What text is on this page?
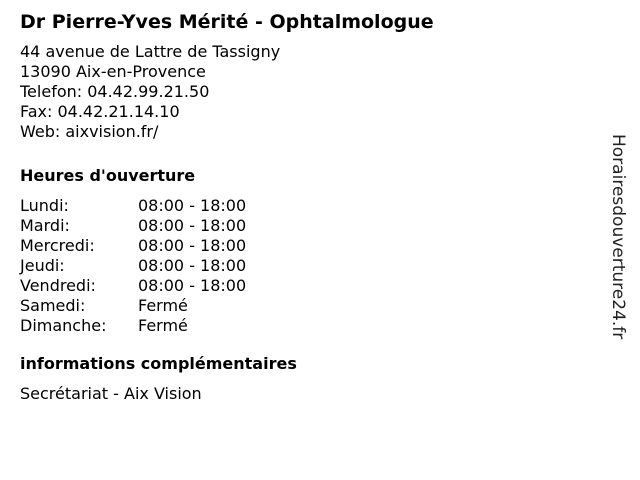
Dr Pierre-Yves Mérité - Ophtalmologue
44 avenue de Lattre de Tassigny
13090 Aix-en-Provence
Telefon: 04.42.99.21.50
Fax: 04.42.21.14.10
Web: aixvision.fr/
Heures d'ouverture
Lundi:	08:00 - 18:00
Mardi:	08:00 - 18:00
Mercredi:	08:00 - 18:00
Jeudi:	08:00 - 18:00
Vendredi:	08:00 - 18:00
Samedi:	Fermé
Dimanche:	Fermé
informations complémentaires
Secrétariat - Aix Vision
Horairesdouverture24.fr
